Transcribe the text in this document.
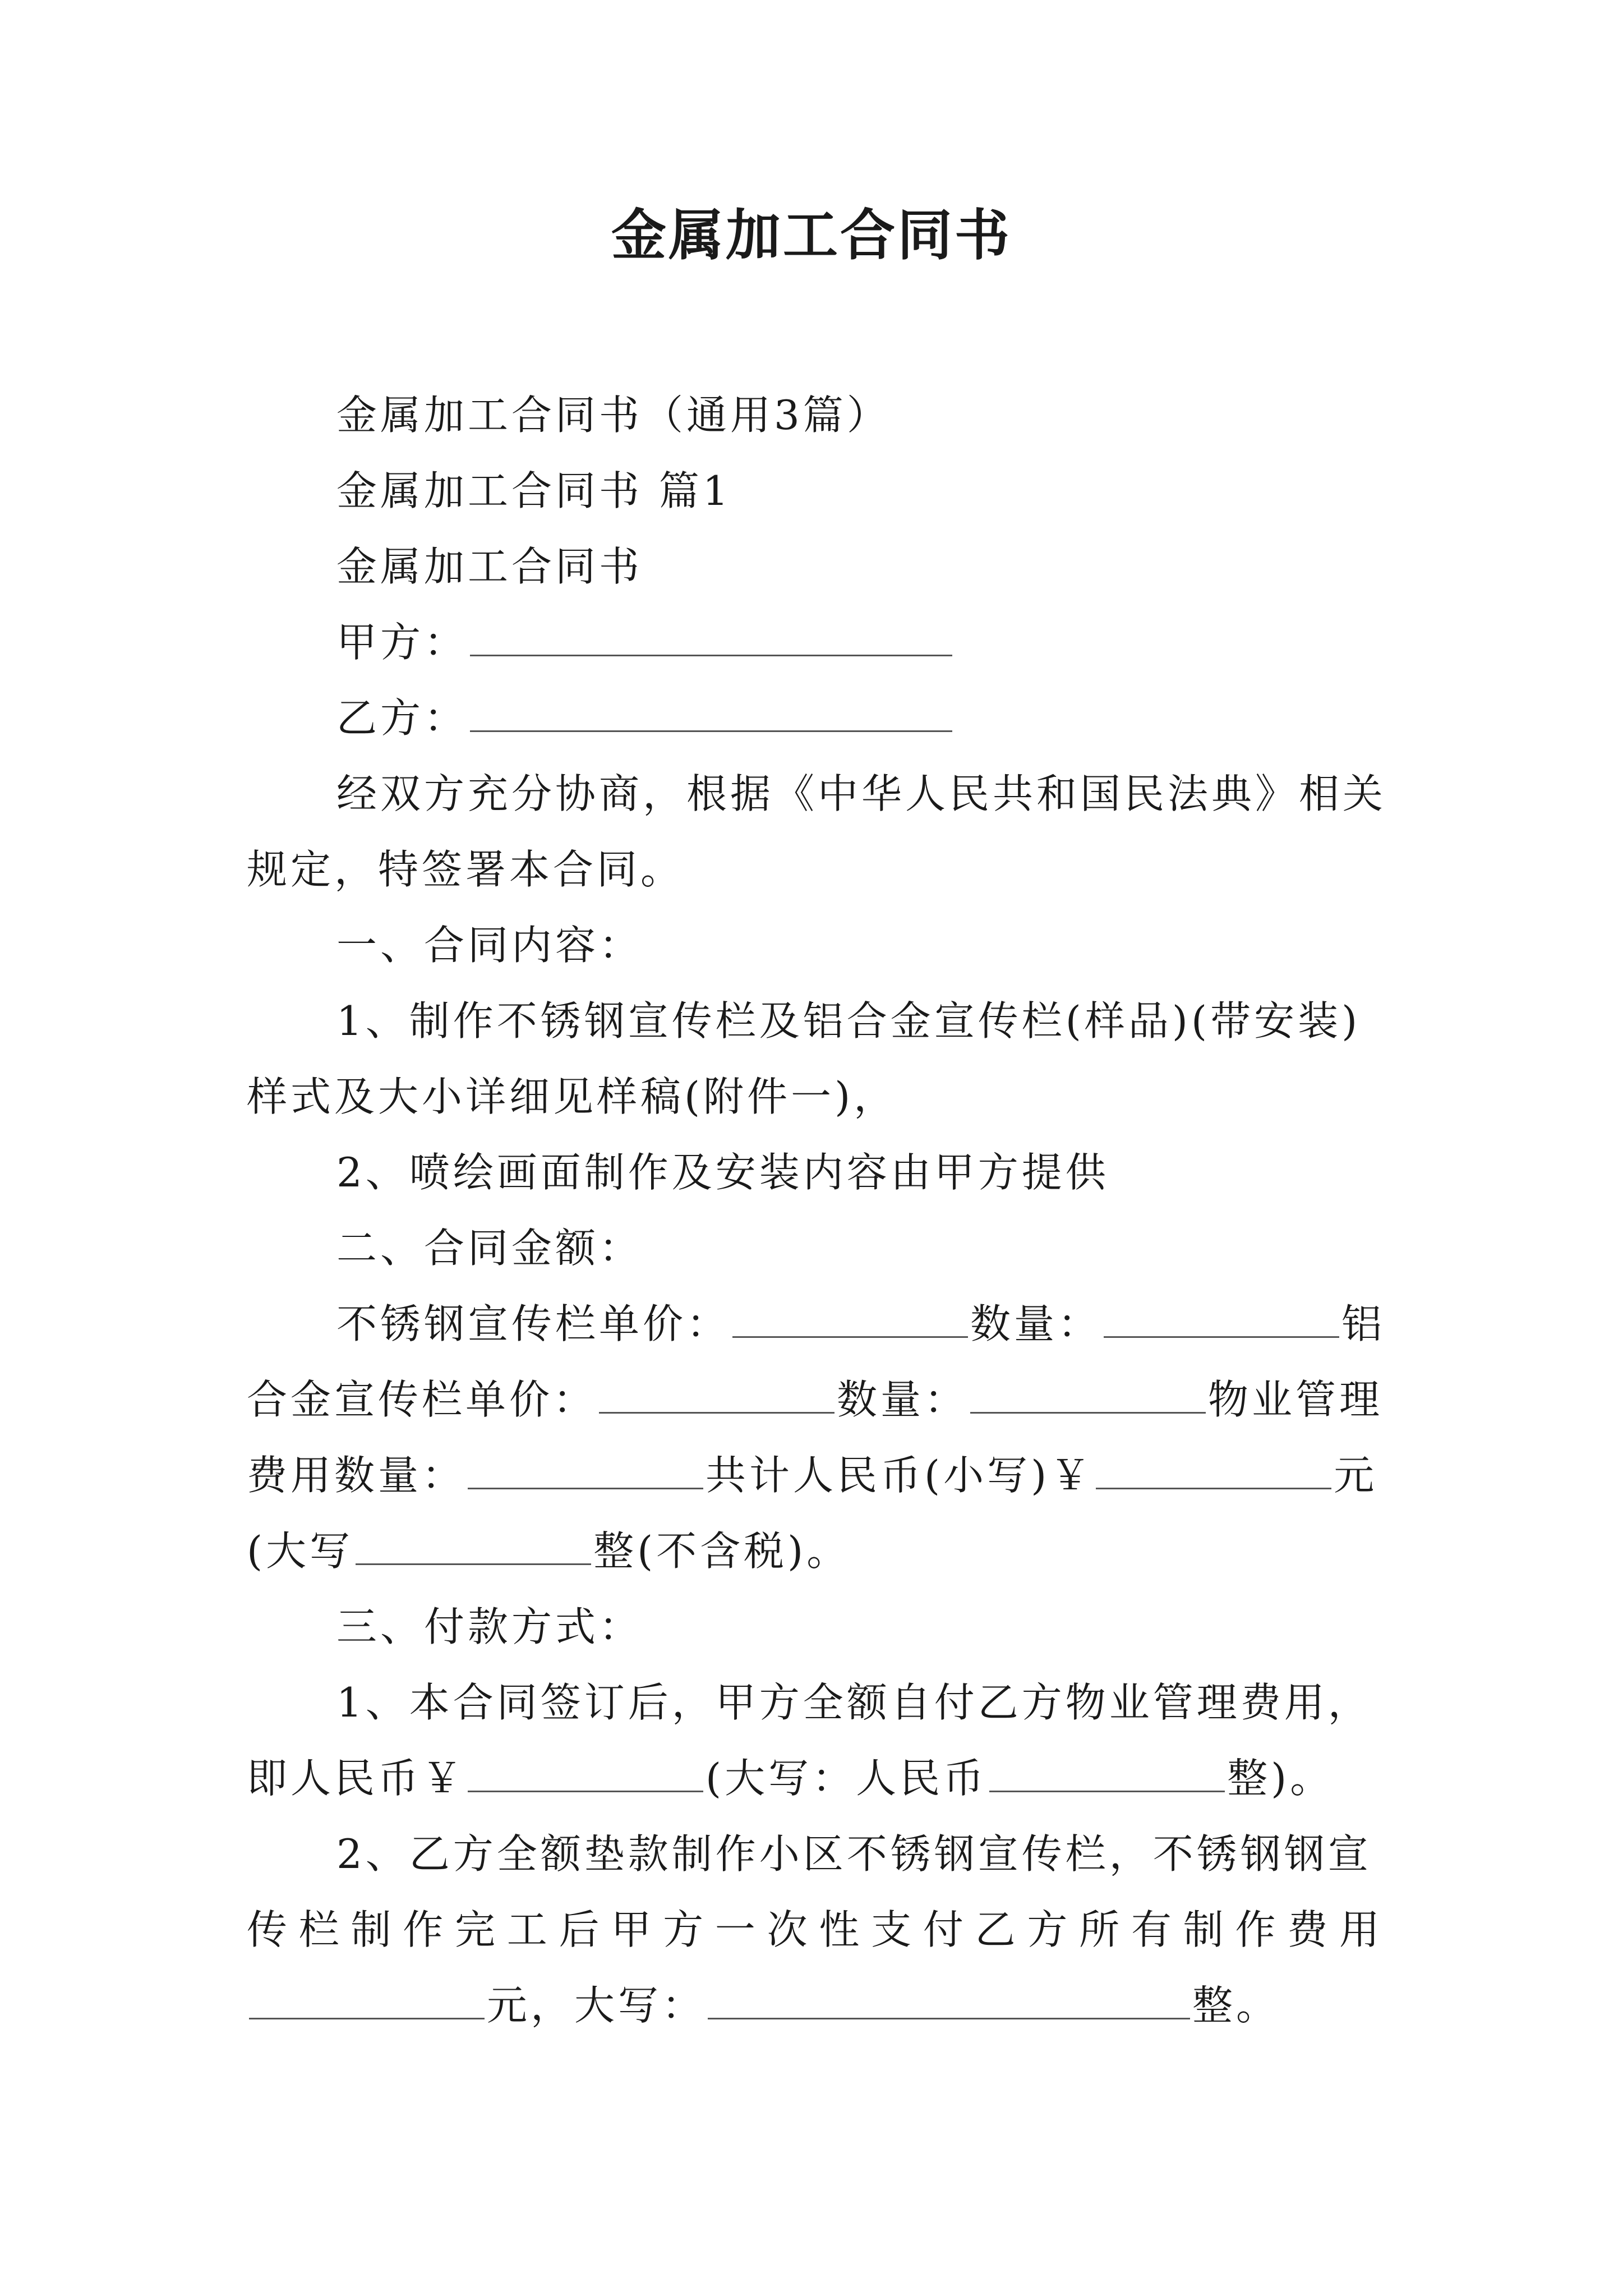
金属加工合同书
金属加工合同书（通用3篇）
金属加工合同书 篇1
金属加工合同书
甲方：
乙方：
经双方充分协商，根据《中华人民共和国民法典》相关
规定，特签署本合同。
一、合同内容：
1、制作不锈钢宣传栏及铝合金宣传栏(样品)(带安装)
样式及大小详细见样稿(附件一)，
2、喷绘画面制作及安装内容由甲方提供
二、合同金额：
不锈钢宣传栏单价：	数量：	铝
合金宣传栏单价：	数量：	物业管理
费用数量：	共计人民币(小写)￥	元
(大写	整(不含税)。
三、付款方式：
1、本合同签订后，甲方全额自付乙方物业管理费用，
即人民币￥	(大写：人民币	整)。
2、乙方全额垫款制作小区不锈钢宣传栏，不锈钢钢宣
传栏制作完工后甲方一次性支付乙方所有制作费用
元，大写：	整。
